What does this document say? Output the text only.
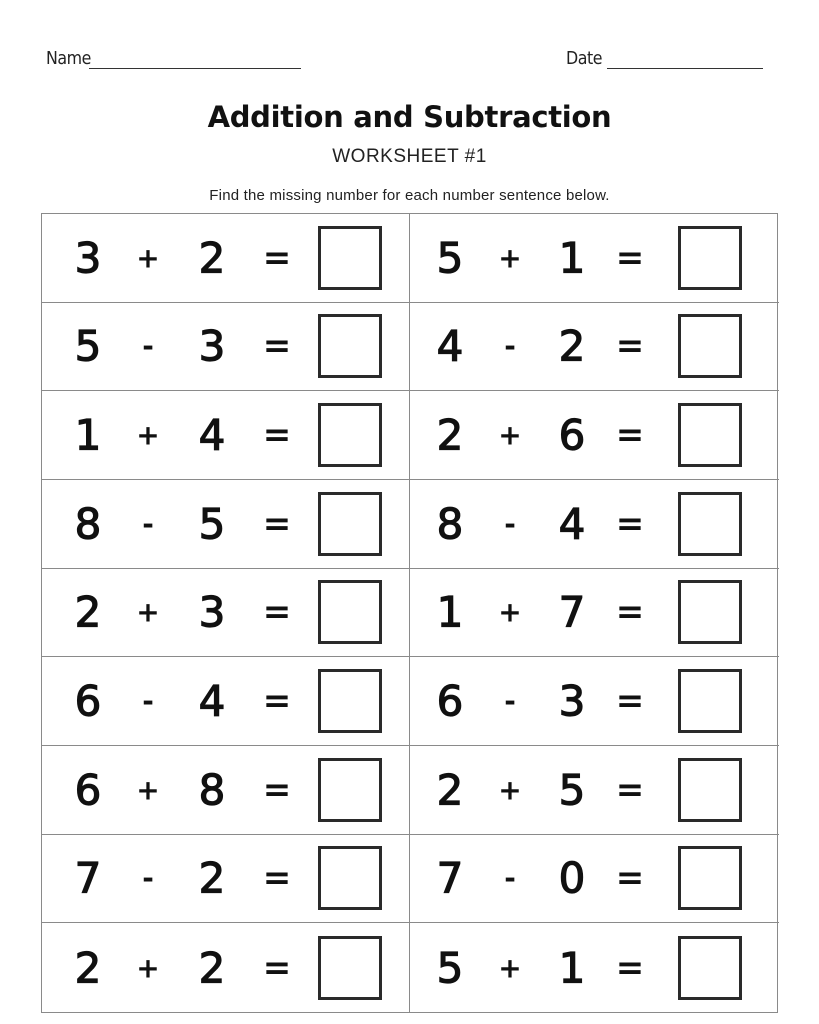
Name	Date
Addition and Subtraction
WORKSHEET #1

Find the missing number for each number sentence below.

3 + 2 =	5 + 1 =
5	- 3 =	4	- 2 =
1 + 4 =	2 + 6 =
8	- 5 =	8	- 4 =
2 + 3 =	1 + 7 =
6	- 4 =	6	- 3 =
6 + 8 =	2 + 5 =
7	- 2 =	7	- 0 =
2 + 2 =	5 + 1 =
